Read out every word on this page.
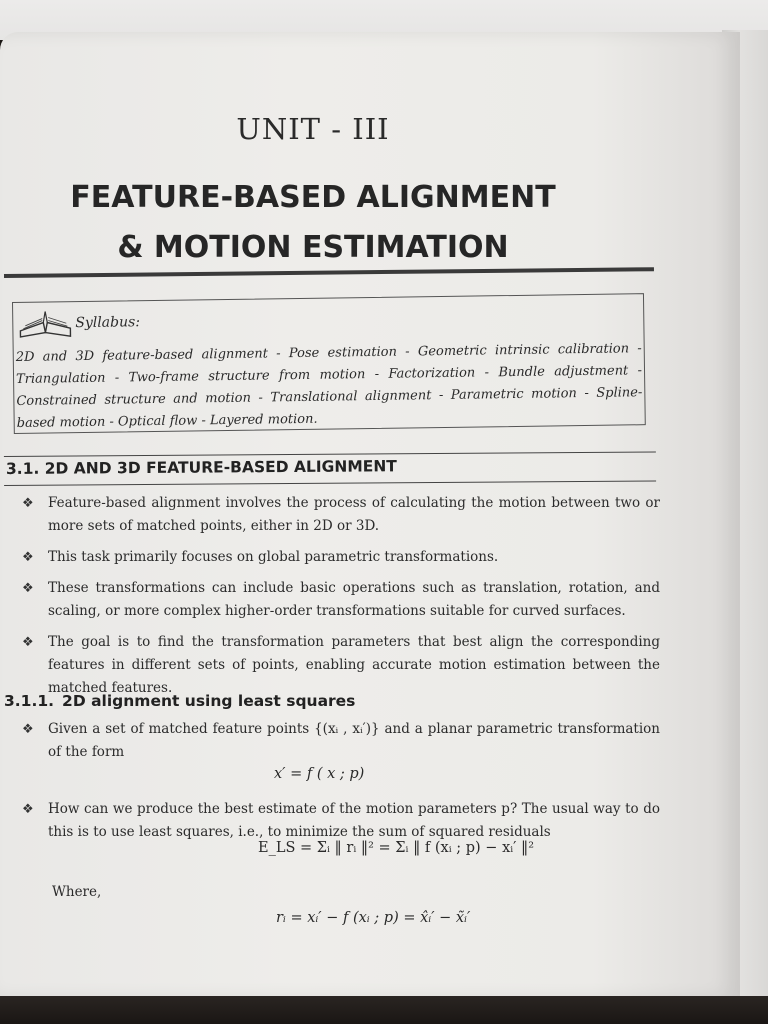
UNIT - III
FEATURE-BASED ALIGNMENT
& MOTION ESTIMATION
Syllabus:
2D and 3D feature-based alignment - Pose estimation - Geometric intrinsic calibration - Triangulation - Two-frame structure from motion - Factorization - Bundle adjustment - Constrained structure and motion - Translational alignment - Parametric motion - Spline-based motion - Optical flow - Layered motion.
3.1. 2D AND 3D FEATURE-BASED ALIGNMENT
❖ Feature-based alignment involves the process of calculating the motion between two or more sets of matched points, either in 2D or 3D.
❖ This task primarily focuses on global parametric transformations.
❖ These transformations can include basic operations such as translation, rotation, and scaling, or more complex higher-order transformations suitable for curved surfaces.
❖ The goal is to find the transformation parameters that best align the corresponding features in different sets of points, enabling accurate motion estimation between the matched features.
3.1.1. 2D alignment using least squares
❖ Given a set of matched feature points {(xᵢ , xᵢ′)} and a planar parametric transformation of the form
❖ How can we produce the best estimate of the motion parameters p? The usual way to do this is to use least squares, i.e., to minimize the sum of squared residuals
x′ = f ( x ; p)
E_LS = Σᵢ ‖ rᵢ ‖² = Σᵢ ‖ f (xᵢ ; p) − xᵢ′ ‖²
Where,
rᵢ = xᵢ′ − f (xᵢ ; p) = x̂ᵢ′ − x̃ᵢ′
